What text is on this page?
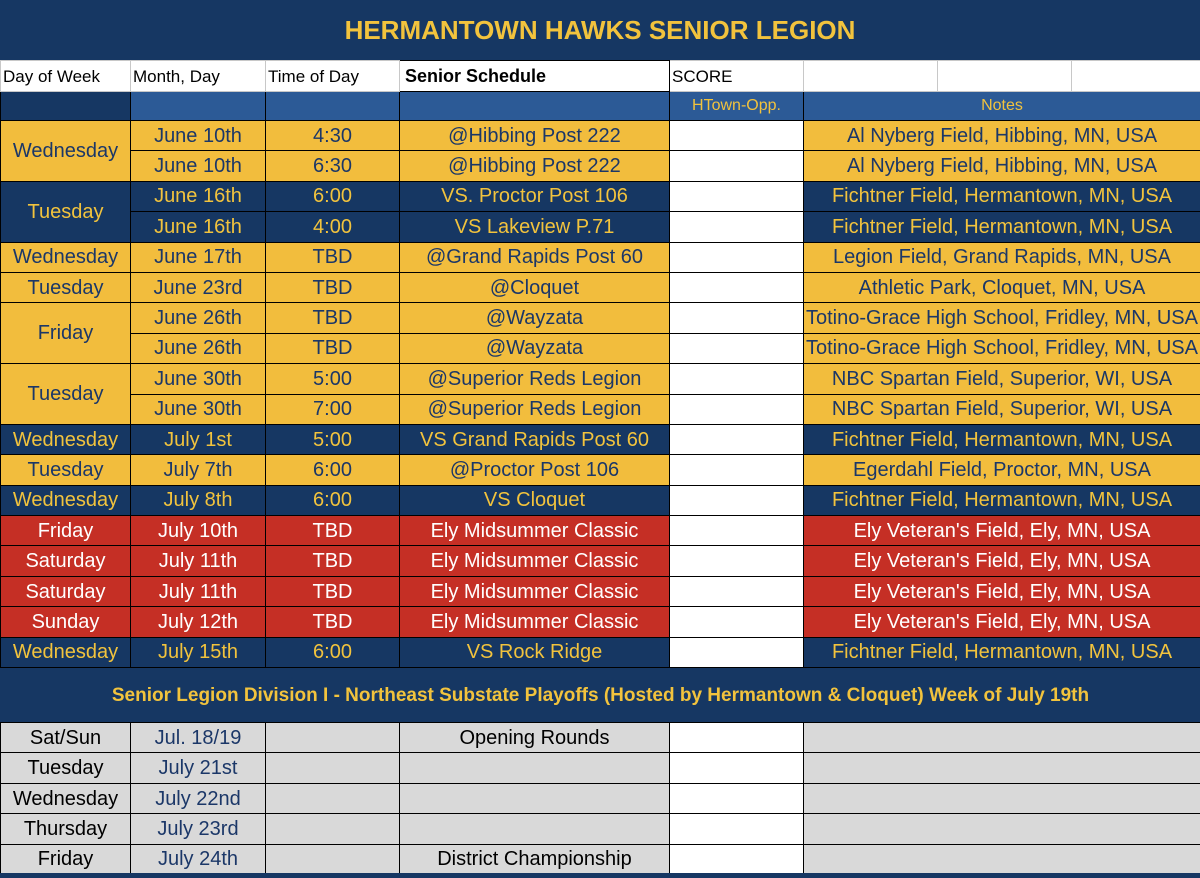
HERMANTOWN HAWKS SENIOR LEGION
Day of Week	Month, Day	Time of Day	Senior Schedule	SCORE			
				HTown-Opp.	Notes		
Wednesday	June 10th	4:30	@Hibbing Post 222		Al Nyberg Field, Hibbing, MN, USA		
	June 10th	6:30	@Hibbing Post 222		Al Nyberg Field, Hibbing, MN, USA		
Tuesday	June 16th	6:00	VS. Proctor Post 106		Fichtner Field, Hermantown, MN, USA		
	June 16th	4:00	VS Lakeview P.71		Fichtner Field, Hermantown, MN, USA		
Wednesday	June 17th	TBD	@Grand Rapids Post 60		Legion Field, Grand Rapids, MN, USA		
Tuesday	June 23rd	TBD	@Cloquet		Athletic Park, Cloquet, MN, USA		
Friday	June 26th	TBD	@Wayzata		Totino-Grace High School, Fridley, MN, USA		
	June 26th	TBD	@Wayzata		Totino-Grace High School, Fridley, MN, USA		
Tuesday	June 30th	5:00	@Superior Reds Legion		NBC Spartan Field, Superior, WI, USA		
	June 30th	7:00	@Superior Reds Legion		NBC Spartan Field, Superior, WI, USA		
Wednesday	July 1st	5:00	VS Grand Rapids Post 60		Fichtner Field, Hermantown, MN, USA		
Tuesday	July 7th	6:00	@Proctor Post 106		Egerdahl Field, Proctor, MN, USA		
Wednesday	July 8th	6:00	VS Cloquet		Fichtner Field, Hermantown, MN, USA		
Friday	July 10th	TBD	Ely Midsummer Classic		Ely Veteran's Field, Ely, MN, USA		
Saturday	July 11th	TBD	Ely Midsummer Classic		Ely Veteran's Field, Ely, MN, USA		
Saturday	July 11th	TBD	Ely Midsummer Classic		Ely Veteran's Field, Ely, MN, USA		
Sunday	July 12th	TBD	Ely Midsummer Classic		Ely Veteran's Field, Ely, MN, USA		
Wednesday	July 15th	6:00	VS Rock Ridge		Fichtner Field, Hermantown, MN, USA		
Senior Legion Division I - Northeast Substate Playoffs (Hosted by Hermantown & Cloquet) Week of July 19th							
Sat/Sun	Jul. 18/19		Opening Rounds				
Tuesday	July 21st						
Wednesday	July 22nd						
Thursday	July 23rd						
Friday	July 24th		District Championship				
